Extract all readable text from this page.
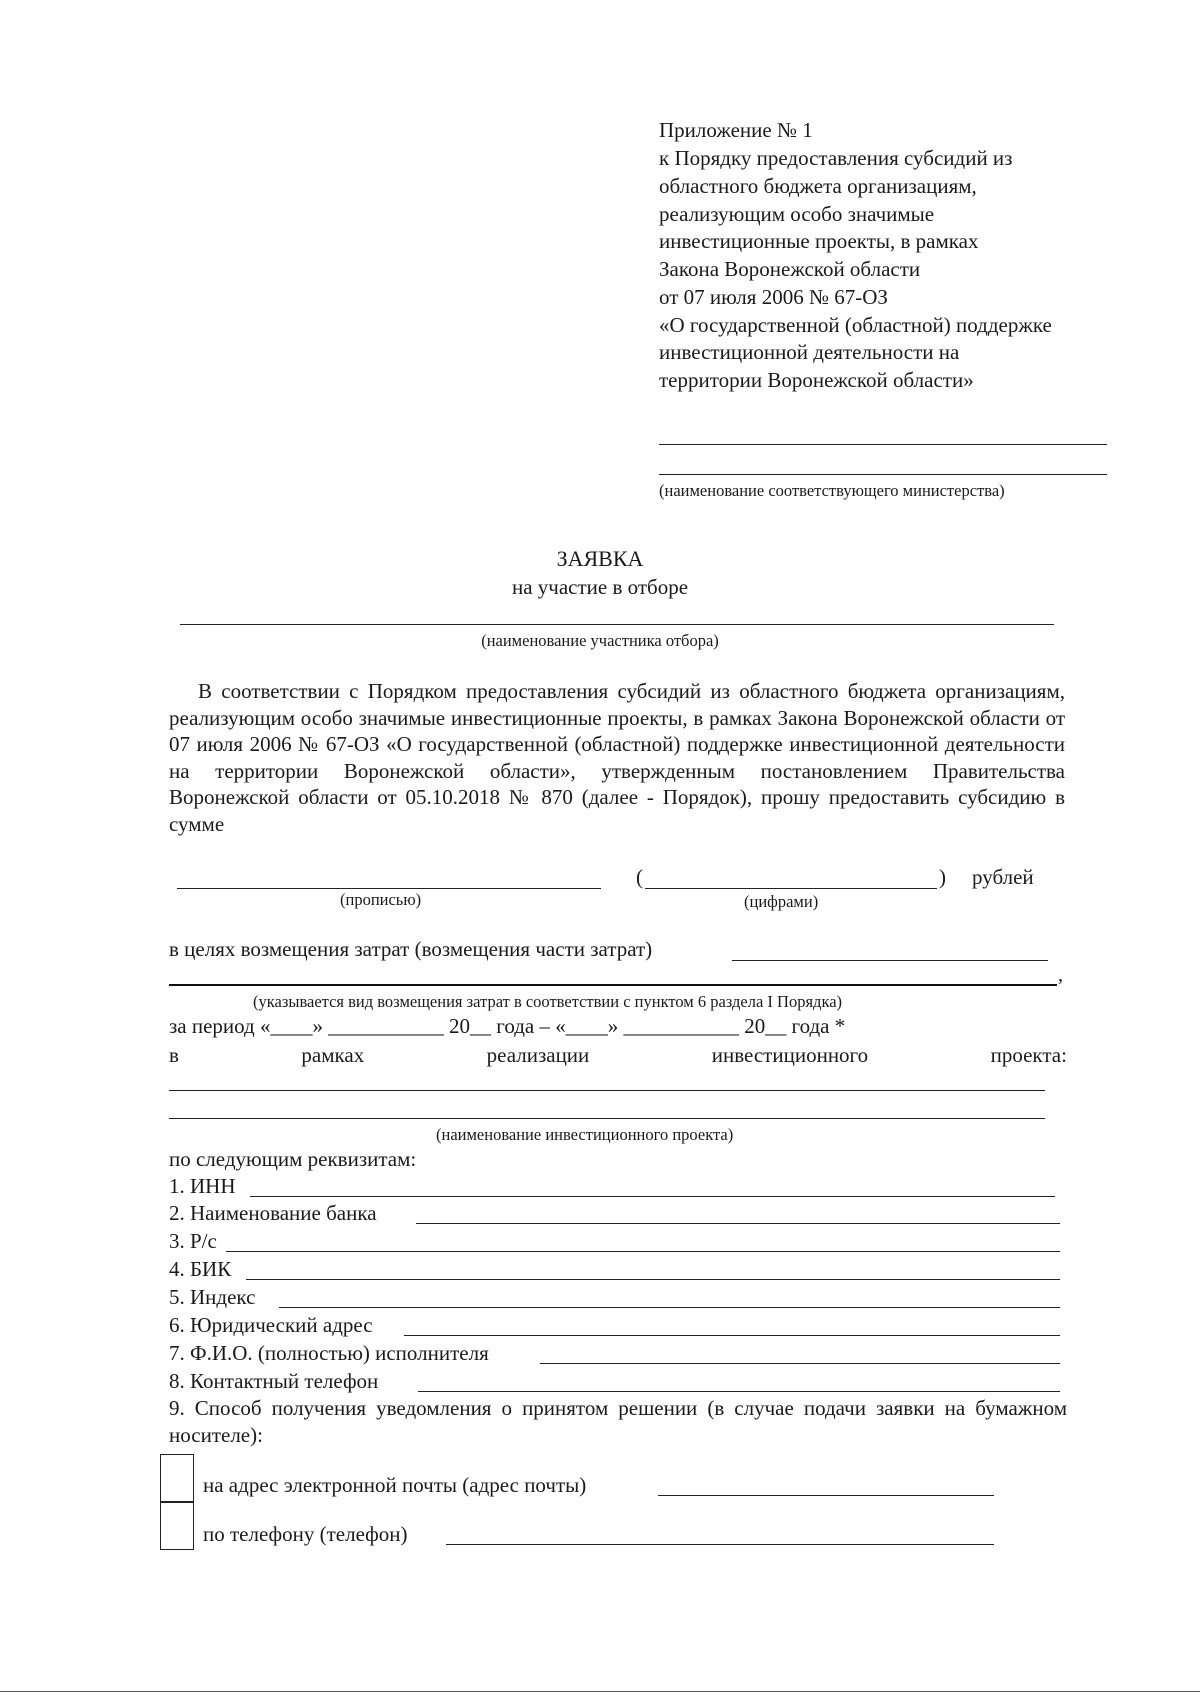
Приложение № 1
к Порядку предоставления субсидий из
областного бюджета организациям,
реализующим особо значимые
инвестиционные проекты, в рамках
Закона Воронежской области
от 07 июля 2006 № 67-ОЗ
«О государственной (областной) поддержке
инвестиционной деятельности на
территории Воронежской области»
(наименование соответствующего министерства)
ЗАЯВКА
на участие в отборе
(наименование участника отбора)
В соответствии с Порядком предоставления субсидий из областного бюджета организациям, реализующим особо значимые инвестиционные проекты, в рамках Закона Воронежской области от 07 июля 2006 № 67-ОЗ «О государственной (областной) поддержке инвестиционной деятельности на территории Воронежской области», утвержденным постановлением Правительства Воронежской области от 05.10.2018 № 870 (далее - Порядок), прошу предоставить субсидию в сумме
(	) рублей
(прописью)	(цифрами)
в целях возмещения затрат (возмещения части затрат)
,
(указывается вид возмещения затрат в соответствии с пунктом 6 раздела I Порядка)
за период «____» ___________ 20__ года – «____» ___________ 20__ года *
в	рамках	реализации	инвестиционного	проекта:
(наименование инвестиционного проекта)
по следующим реквизитам:
1. ИНН
2. Наименование банка
3. Р/с
4. БИК
5. Индекс
6. Юридический адрес
7. Ф.И.О. (полностью) исполнителя
8. Контактный телефон
9. Способ получения уведомления о принятом решении (в случае подачи заявки на бумажном носителе):
на адрес электронной почты (адрес почты)
по телефону (телефон)
